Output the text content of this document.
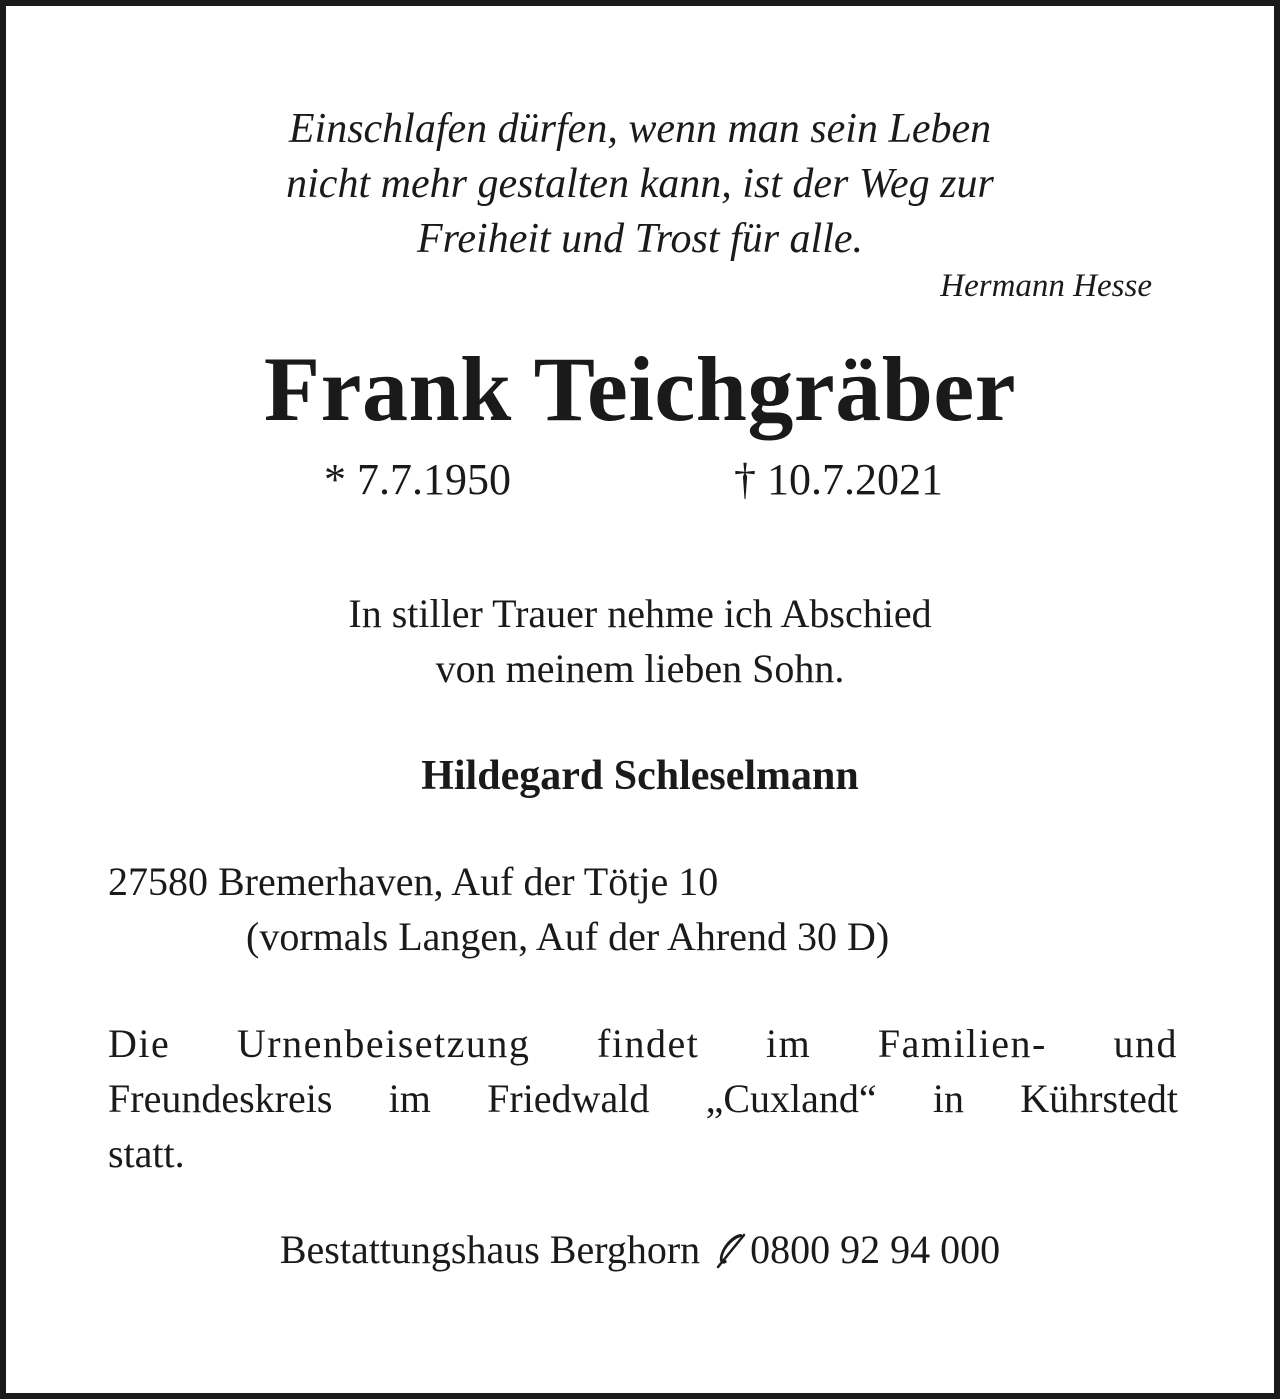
Einschlafen dürfen, wenn man sein Leben
nicht mehr gestalten kann, ist der Weg zur
Freiheit und Trost für alle.
Hermann Hesse
Frank Teichgräber
* 7.7.1950	† 10.7.2021
In stiller Trauer nehme ich Abschied
von meinem lieben Sohn.
Hildegard Schleselmann
27580 Bremerhaven, Auf der Tötje 10
(vormals Langen, Auf der Ahrend 30 D)
Die Urnenbeisetzung findet im Familien- und
Freundeskreis im Friedwald „Cuxland“ in Kührstedt
statt.
Bestattungshaus Berghorn 0800 92 94 000
